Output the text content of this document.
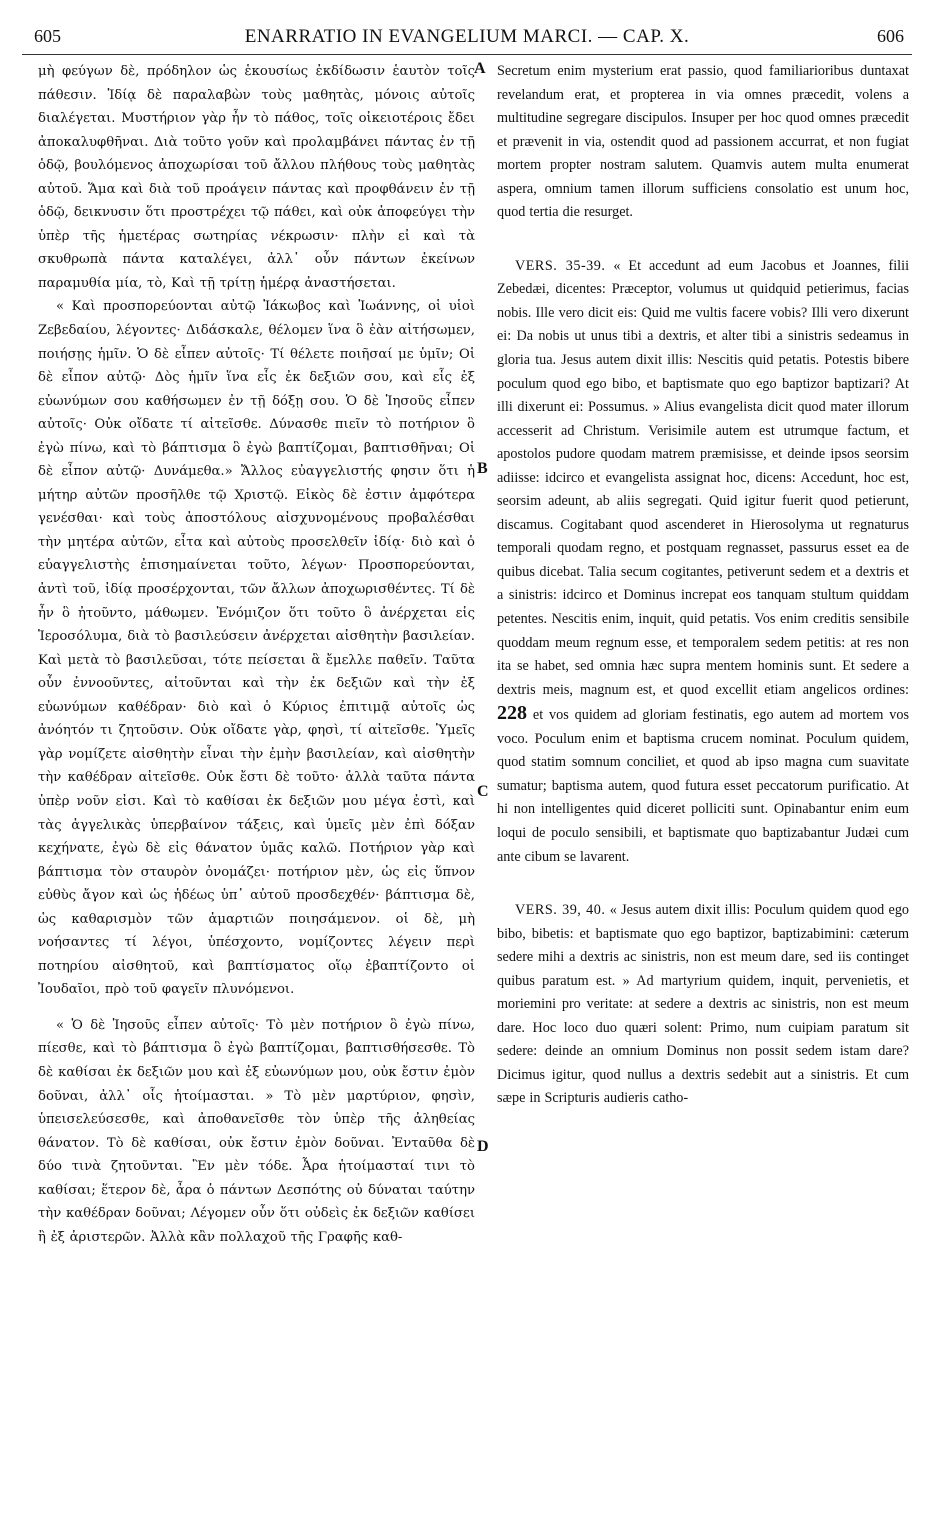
605	ENARRATIO IN EVANGELIUM MARCI. — CAP. X.	606
A
B
C
D

μὴ φεύγων δὲ, πρόδηλον ὡς ἑκουσίως ἐκδίδωσιν ἑαυτὸν τοῖς πάθεσιν. Ἰδίᾳ δὲ παραλαβὼν τοὺς μαθητὰς, μόνοις αὐτοῖς διαλέγεται. Μυστήριον γὰρ ἦν τὸ πάθος, τοῖς οἰκειοτέροις ἔδει ἀποκαλυφθῆναι. Διὰ τοῦτο γοῦν καὶ προλαμβάνει πάντας ἐν τῇ ὁδῷ, βουλόμενος ἀποχωρίσαι τοῦ ἄλλου πλήθους τοὺς μαθητὰς αὐτοῦ. Ἅμα καὶ διὰ τοῦ προάγειν πάντας καὶ προφθάνειν ἐν τῇ ὁδῷ, δεικνυσιν ὅτι προστρέχει τῷ πάθει, καὶ οὐκ ἀποφεύγει τὴν ὑπὲρ τῆς ἡμετέρας σωτηρίας νέκρωσιν· πλὴν εἰ καὶ τὰ σκυθρωπὰ πάντα καταλέγει, ἀλλ᾽ οὖν πάντων ἐκείνων παραμυθία μία, τὸ, Καὶ τῇ τρίτῃ ἡμέρᾳ ἀναστήσεται.

« Καὶ προσπορεύονται αὐτῷ Ἰάκωβος καὶ Ἰωάννης, οἱ υἱοὶ Ζεβεδαίου, λέγοντες· Διδάσκαλε, θέλομεν ἵνα ὃ ἐὰν αἰτήσωμεν, ποιήσῃς ἡμῖν. Ὁ δὲ εἶπεν αὐτοῖς· Τί θέλετε ποιῆσαί με ὑμῖν; Οἱ δὲ εἶπον αὐτῷ· Δὸς ἡμῖν ἵνα εἷς ἐκ δεξιῶν σου, καὶ εἷς ἐξ εὐωνύμων σου καθήσωμεν ἐν τῇ δόξῃ σου. Ὁ δὲ Ἰησοῦς εἶπεν αὐτοῖς· Οὐκ οἴδατε τί αἰτεῖσθε. Δύνασθε πιεῖν τὸ ποτήριον ὃ ἐγὼ πίνω, καὶ τὸ βάπτισμα ὃ ἐγὼ βαπτίζομαι, βαπτισθῆναι; Οἱ δὲ εἶπον αὐτῷ· Δυνάμεθα.» Ἄλλος εὐαγγελιστής φησιν ὅτι ἡ μήτηρ αὐτῶν προσῆλθε τῷ Χριστῷ. Εἰκὸς δὲ ἐστιν ἀμφότερα γενέσθαι· καὶ τοὺς ἀποστόλους αἰσχυνομένους προβαλέσθαι τὴν μητέρα αὐτῶν, εἶτα καὶ αὐτοὺς προσελθεῖν ἰδίᾳ· διὸ καὶ ὁ εὐαγγελιστὴς ἐπισημαίνεται τοῦτο, λέγων· Προσπορεύονται, ἀντὶ τοῦ, ἰδίᾳ προσέρχονται, τῶν ἄλλων ἀποχωρισθέντες. Τί δὲ ἦν ὃ ἠτοῦντο, μάθωμεν. Ἐνόμιζον ὅτι τοῦτο ὃ ἀνέρχεται εἰς Ἱεροσόλυμα, διὰ τὸ βασιλεύσειν ἀνέρχεται αἰσθητὴν βασιλείαν. Καὶ μετὰ τὸ βασιλεῦσαι, τότε πείσεται ἃ ἔμελλε παθεῖν. Ταῦτα οὖν ἐννοοῦντες, αἰτοῦνται καὶ τὴν ἐκ δεξιῶν καὶ τὴν ἐξ εὐωνύμων καθέδραν· διὸ καὶ ὁ Κύριος ἐπιτιμᾷ αὐτοῖς ὡς ἀνόητόν τι ζητοῦσιν. Οὐκ οἴδατε γὰρ, φησὶ, τί αἰτεῖσθε. Ὑμεῖς γὰρ νομίζετε αἰσθητὴν εἶναι τὴν ἐμὴν βασιλείαν, καὶ αἰσθητὴν τὴν καθέδραν αἰτεῖσθε. Οὐκ ἔστι δὲ τοῦτο· ἀλλὰ ταῦτα πάντα ὑπὲρ νοῦν εἰσι. Καὶ τὸ καθίσαι ἐκ δεξιῶν μου μέγα ἐστὶ, καὶ τὰς ἀγγελικὰς ὑπερβαίνον τάξεις, καὶ ὑμεῖς μὲν ἐπὶ δόξαν κεχήνατε, ἐγὼ δὲ εἰς θάνατον ὑμᾶς καλῶ. Ποτήριον γὰρ καὶ βάπτισμα τὸν σταυρὸν ὀνομάζει· ποτήριον μὲν, ὡς εἰς ὕπνον εὐθὺς ἄγον καὶ ὡς ἡδέως ὑπ᾽ αὐτοῦ προσδεχθέν· βάπτισμα δὲ, ὡς καθαρισμὸν τῶν ἁμαρτιῶν ποιησάμενον. οἱ δὲ, μὴ νοήσαντες τί λέγοι, ὑπέσχοντο, νομίζοντες λέγειν περὶ ποτηρίου αἰσθητοῦ, καὶ βαπτίσματος οἵῳ ἐβαπτίζοντο οἱ Ἰουδαῖοι, πρὸ τοῦ φαγεῖν πλυνόμενοι.

« Ὁ δὲ Ἰησοῦς εἶπεν αὐτοῖς· Τὸ μὲν ποτήριον ὃ ἐγὼ πίνω, πίεσθε, καὶ τὸ βάπτισμα ὃ ἐγὼ βαπτίζομαι, βαπτισθήσεσθε. Τὸ δὲ καθίσαι ἐκ δεξιῶν μου καὶ ἐξ εὐωνύμων μου, οὐκ ἔστιν ἐμὸν δοῦναι, ἀλλ᾽ οἷς ἡτοίμασται. » Τὸ μὲν μαρτύριον, φησὶν, ὑπεισελεύσεσθε, καὶ ἀποθανεῖσθε τὸν ὑπὲρ τῆς ἀληθείας θάνατον. Τὸ δὲ καθίσαι, οὐκ ἔστιν ἐμὸν δοῦναι. Ἐνταῦθα δὲ δύο τινὰ ζητοῦνται. Ἓν μὲν τόδε. Ἆρα ἡτοίμασταί τινι τὸ καθίσαι; ἕτερον δὲ, ἆρα ὁ πάντων Δεσπότης οὐ δύναται ταύτην τὴν καθέδραν δοῦναι; Λέγομεν οὖν ὅτι οὐδεὶς ἐκ δεξιῶν καθίσει ἢ ἐξ ἀριστερῶν. Ἀλλὰ κἂν πολλαχοῦ τῆς Γραφῆς καθ-

Secretum enim mysterium erat passio, quod familiarioribus duntaxat revelandum erat, et propterea in via omnes præcedit, volens a multitudine segregare discipulos. Insuper per hoc quod omnes præcedit et prævenit in via, ostendit quod ad passionem accurrat, et non fugiat mortem propter nostram salutem. Quamvis autem multa enumerat aspera, omnium tamen illorum sufficiens consolatio est unum hoc, quod tertia die resurget.

VERS. 35-39. « Et accedunt ad eum Jacobus et Joannes, filii Zebedæi, dicentes: Præceptor, volumus ut quidquid petierimus, facias nobis. Ille vero dicit eis: Quid me vultis facere vobis? Illi vero dixerunt ei: Da nobis ut unus tibi a dextris, et alter tibi a sinistris sedeamus in gloria tua. Jesus autem dixit illis: Nescitis quid petatis. Potestis bibere poculum quod ego bibo, et baptismate quo ego baptizor baptizari? At illi dixerunt ei: Possumus. » Alius evangelista dicit quod mater illorum accesserit ad Christum. Verisimile autem est utrumque factum, et apostolos pudore quodam matrem præmisisse, et deinde ipsos seorsim adiisse: idcirco et evangelista assignat hoc, dicens: Accedunt, hoc est, seorsim adeunt, ab aliis segregati. Quid igitur fuerit quod petierunt, discamus. Cogitabant quod ascenderet in Hierosolyma ut regnaturus temporali quodam regno, et postquam regnasset, passurus esset ea de quibus dicebat. Talia secum cogitantes, petiverunt sedem et a dextris et a sinistris: idcirco et Dominus increpat eos tanquam stultum quiddam petentes. Nescitis enim, inquit, quid petatis. Vos enim creditis sensibile quoddam meum regnum esse, et temporalem sedem petitis: at res non ita se habet, sed omnia hæc supra mentem hominis sunt. Et sedere a dextris meis, magnum est, et quod excellit etiam angelicos ordines: 228 et vos quidem ad gloriam festinatis, ego autem ad mortem vos voco. Poculum enim et baptisma crucem nominat. Poculum quidem, quod statim somnum conciliet, et quod ab ipso magna cum suavitate sumatur; baptisma autem, quod futura esset peccatorum purificatio. At hi non intelligentes quid diceret polliciti sunt. Opinabantur enim eum loqui de poculo sensibili, et baptismate quo baptizabantur Judæi cum ante cibum se lavarent.

VERS. 39, 40. « Jesus autem dixit illis: Poculum quidem quod ego bibo, bibetis: et baptismate quo ego baptizor, baptizabimini: cæterum sedere mihi a dextris ac sinistris, non est meum dare, sed iis continget quibus paratum est. » Ad martyrium quidem, inquit, pervenietis, et moriemini pro veritate: at sedere a dextris ac sinistris, non est meum dare. Hoc loco duo quæri solent: Primo, num cuipiam paratum sit sedere: deinde an omnium Dominus non possit sedem istam dare? Dicimus igitur, quod nullus a dextris sedebit aut a sinistris. Et cum sæpe in Scripturis audieris catho-
